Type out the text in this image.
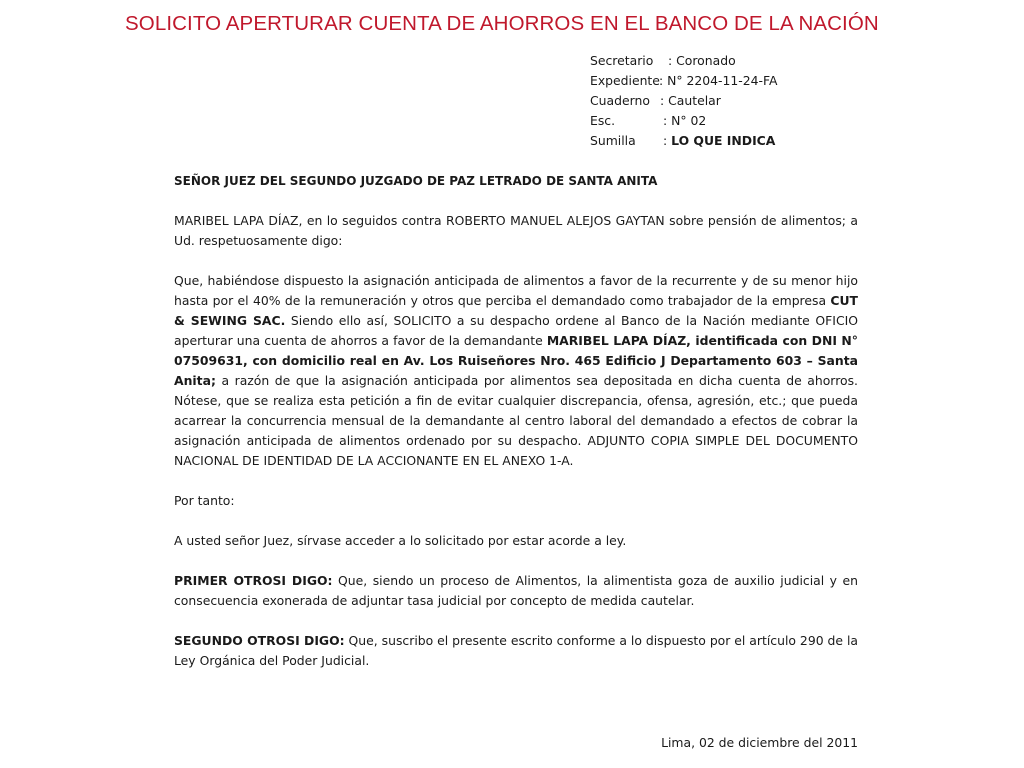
SOLICITO APERTURAR CUENTA DE AHORROS EN EL BANCO DE LA NACIÓN
Secretario	: Coronado
Expediente : N° 2204-11-24-FA
Cuaderno : Cautelar
Esc.	: N° 02
Sumilla	: LO QUE INDICA

SEÑOR JUEZ DEL SEGUNDO JUZGADO DE PAZ LETRADO DE SANTA ANITA

MARIBEL LAPA DÍAZ, en lo seguidos contra ROBERTO MANUEL ALEJOS GAYTAN sobre pensión de alimentos; a Ud. respetuosamente digo:

Que, habiéndose dispuesto la asignación anticipada de alimentos a favor de la recurrente y de su menor hijo hasta por el 40% de la remuneración y otros que perciba el demandado como trabajador de la empresa CUT & SEWING SAC. Siendo ello así, SOLICITO a su despacho ordene al Banco de la Nación mediante OFICIO aperturar una cuenta de ahorros a favor de la demandante MARIBEL LAPA DÍAZ, identificada con DNI N° 07509631, con domicilio real en Av. Los Ruiseñores Nro. 465 Edificio J Departamento 603 – Santa Anita; a razón de que la asignación anticipada por alimentos sea depositada en dicha cuenta de ahorros. Nótese, que se realiza esta petición a fin de evitar cualquier discrepancia, ofensa, agresión, etc.; que pueda acarrear la concurrencia mensual de la demandante al centro laboral del demandado a efectos de cobrar la asignación anticipada de alimentos ordenado por su despacho. ADJUNTO COPIA SIMPLE DEL DOCUMENTO NACIONAL DE IDENTIDAD DE LA ACCIONANTE EN EL ANEXO 1-A.

Por tanto:

A usted señor Juez, sírvase acceder a lo solicitado por estar acorde a ley.

PRIMER OTROSI DIGO: Que, siendo un proceso de Alimentos, la alimentista goza de auxilio judicial y en consecuencia exonerada de adjuntar tasa judicial por concepto de medida cautelar.

SEGUNDO OTROSI DIGO: Que, suscribo el presente escrito conforme a lo dispuesto por el artículo 290 de la Ley Orgánica del Poder Judicial.

Lima, 02 de diciembre del 2011
